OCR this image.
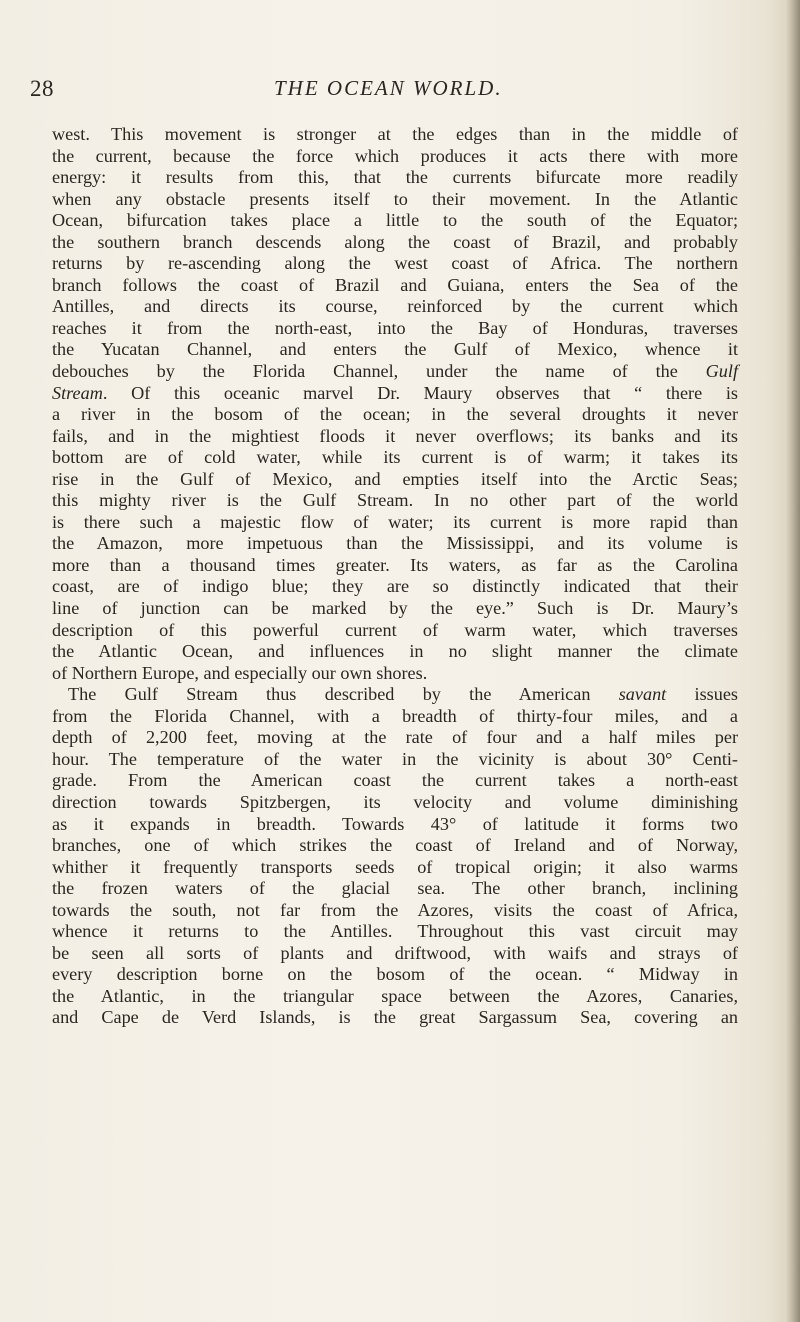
28	THE OCEAN WORLD.
west. This movement is stronger at the edges than in the middle of
the current, because the force which produces it acts there with more
energy: it results from this, that the currents bifurcate more readily
when any obstacle presents itself to their movement. In the Atlantic
Ocean, bifurcation takes place a little to the south of the Equator;
the southern branch descends along the coast of Brazil, and probably
returns by re-ascending along the west coast of Africa. The northern
branch follows the coast of Brazil and Guiana, enters the Sea of the
Antilles, and directs its course, reinforced by the current which
reaches it from the north-east, into the Bay of Honduras, traverses
the Yucatan Channel, and enters the Gulf of Mexico, whence it
debouches by the Florida Channel, under the name of the Gulf
Stream. Of this oceanic marvel Dr. Maury observes that “ there is
a river in the bosom of the ocean; in the several droughts it never
fails, and in the mightiest floods it never overflows; its banks and its
bottom are of cold water, while its current is of warm; it takes its
rise in the Gulf of Mexico, and empties itself into the Arctic Seas;
this mighty river is the Gulf Stream. In no other part of the world
is there such a majestic flow of water; its current is more rapid than
the Amazon, more impetuous than the Mississippi, and its volume is
more than a thousand times greater. Its waters, as far as the Carolina
coast, are of indigo blue; they are so distinctly indicated that their
line of junction can be marked by the eye.” Such is Dr. Maury’s
description of this powerful current of warm water, which traverses
the Atlantic Ocean, and influences in no slight manner the climate
of Northern Europe, and especially our own shores.
The Gulf Stream thus described by the American savant issues
from the Florida Channel, with a breadth of thirty-four miles, and a
depth of 2,200 feet, moving at the rate of four and a half miles per
hour. The temperature of the water in the vicinity is about 30° Centi-
grade. From the American coast the current takes a north-east
direction towards Spitzbergen, its velocity and volume diminishing
as it expands in breadth. Towards 43° of latitude it forms two
branches, one of which strikes the coast of Ireland and of Norway,
whither it frequently transports seeds of tropical origin; it also warms
the frozen waters of the glacial sea. The other branch, inclining
towards the south, not far from the Azores, visits the coast of Africa,
whence it returns to the Antilles. Throughout this vast circuit may
be seen all sorts of plants and driftwood, with waifs and strays of
every description borne on the bosom of the ocean. “ Midway in
the Atlantic, in the triangular space between the Azores, Canaries,
and Cape de Verd Islands, is the great Sargassum Sea, covering an
